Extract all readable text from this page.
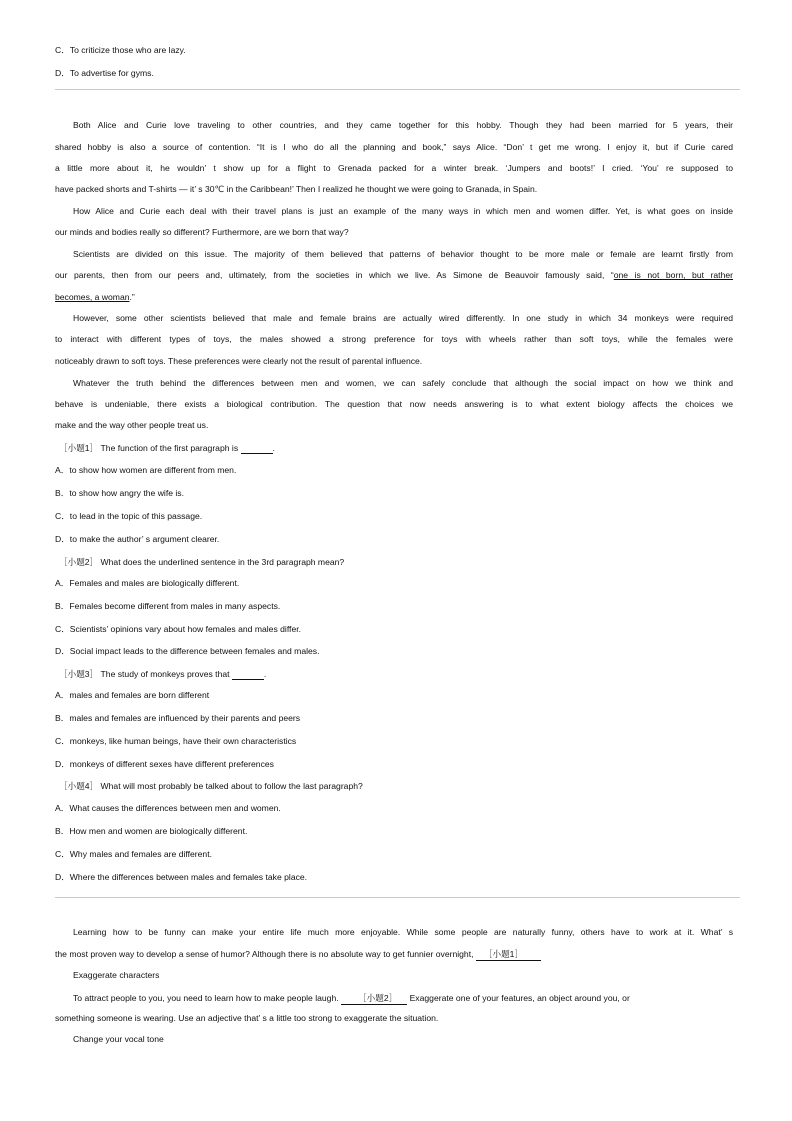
C．To criticize those who are lazy.
D．To advertise for gyms.
Both Alice and Curie love traveling to other countries, and they came together for this hobby. Though they had been married for 5 years, their
shared hobby is also a source of contention. “It is I who do all the planning and book,” says Alice. “Don’ t get me wrong. I enjoy it, but if Curie cared
a little more about it, he wouldn’ t show up for a flight to Grenada packed for a winter break. ‘Jumpers and boots!’ I cried. ‘You’ re supposed to
have packed shorts and T-shirts — it’ s 30℃ in the Caribbean!’ Then I realized he thought we were going to Granada, in Spain.
How Alice and Curie each deal with their travel plans is just an example of the many ways in which men and women differ. Yet, is what goes on inside
our minds and bodies really so different? Furthermore, are we born that way?
Scientists are divided on this issue. The majority of them believed that patterns of behavior thought to be more male or female are learnt firstly from
our parents, then from our peers and, ultimately, from the societies in which we live. As Simone de Beauvoir famously said, “one is not born, but rather
becomes, a woman.”
However, some other scientists believed that male and female brains are actually wired differently. In one study in which 34 monkeys were required
to interact with different types of toys, the males showed a strong preference for toys with wheels rather than soft toys, while the females were
noticeably drawn to soft toys. These preferences were clearly not the result of parental influence.
Whatever the truth behind the differences between men and women, we can safely conclude that although the social impact on how we think and
behave is undeniable, there exists a biological contribution. The question that now needs answering is to what extent biology affects the choices we
make and the way other people treat us.
［小题1］ The function of the first paragraph is	.
A．to show how women are different from men.
B．to show how angry the wife is.
C．to lead in the topic of this passage.
D．to make the author’ s argument clearer.
［小题2］ What does the underlined sentence in the 3rd paragraph mean?
A．Females and males are biologically different.
B．Females become different from males in many aspects.
C．Scientists’ opinions vary about how females and males differ.
D．Social impact leads to the difference between females and males.
［小题3］ The study of monkeys proves that	.
A．males and females are born different
B．males and females are influenced by their parents and peers
C．monkeys, like human beings, have their own characteristics
D．monkeys of different sexes have different preferences
［小题4］ What will most probably be talked about to follow the last paragraph?
A．What causes the differences between men and women.
B．How men and women are biologically different.
C．Why males and females are different.
D．Where the differences between males and females take place.
Learning how to be funny can make your entire life much more enjoyable. While some people are naturally funny, others have to work at it. What’ s
the most proven way to develop a sense of humor? Although there is no absolute way to get funnier overnight, ［小题1］
Exaggerate characters
To attract people to you, you need to learn how to make people laugh. ［小题2］ Exaggerate one of your features, an object around you, or
something someone is wearing. Use an adjective that’ s a little too strong to exaggerate the situation.
Change your vocal tone
